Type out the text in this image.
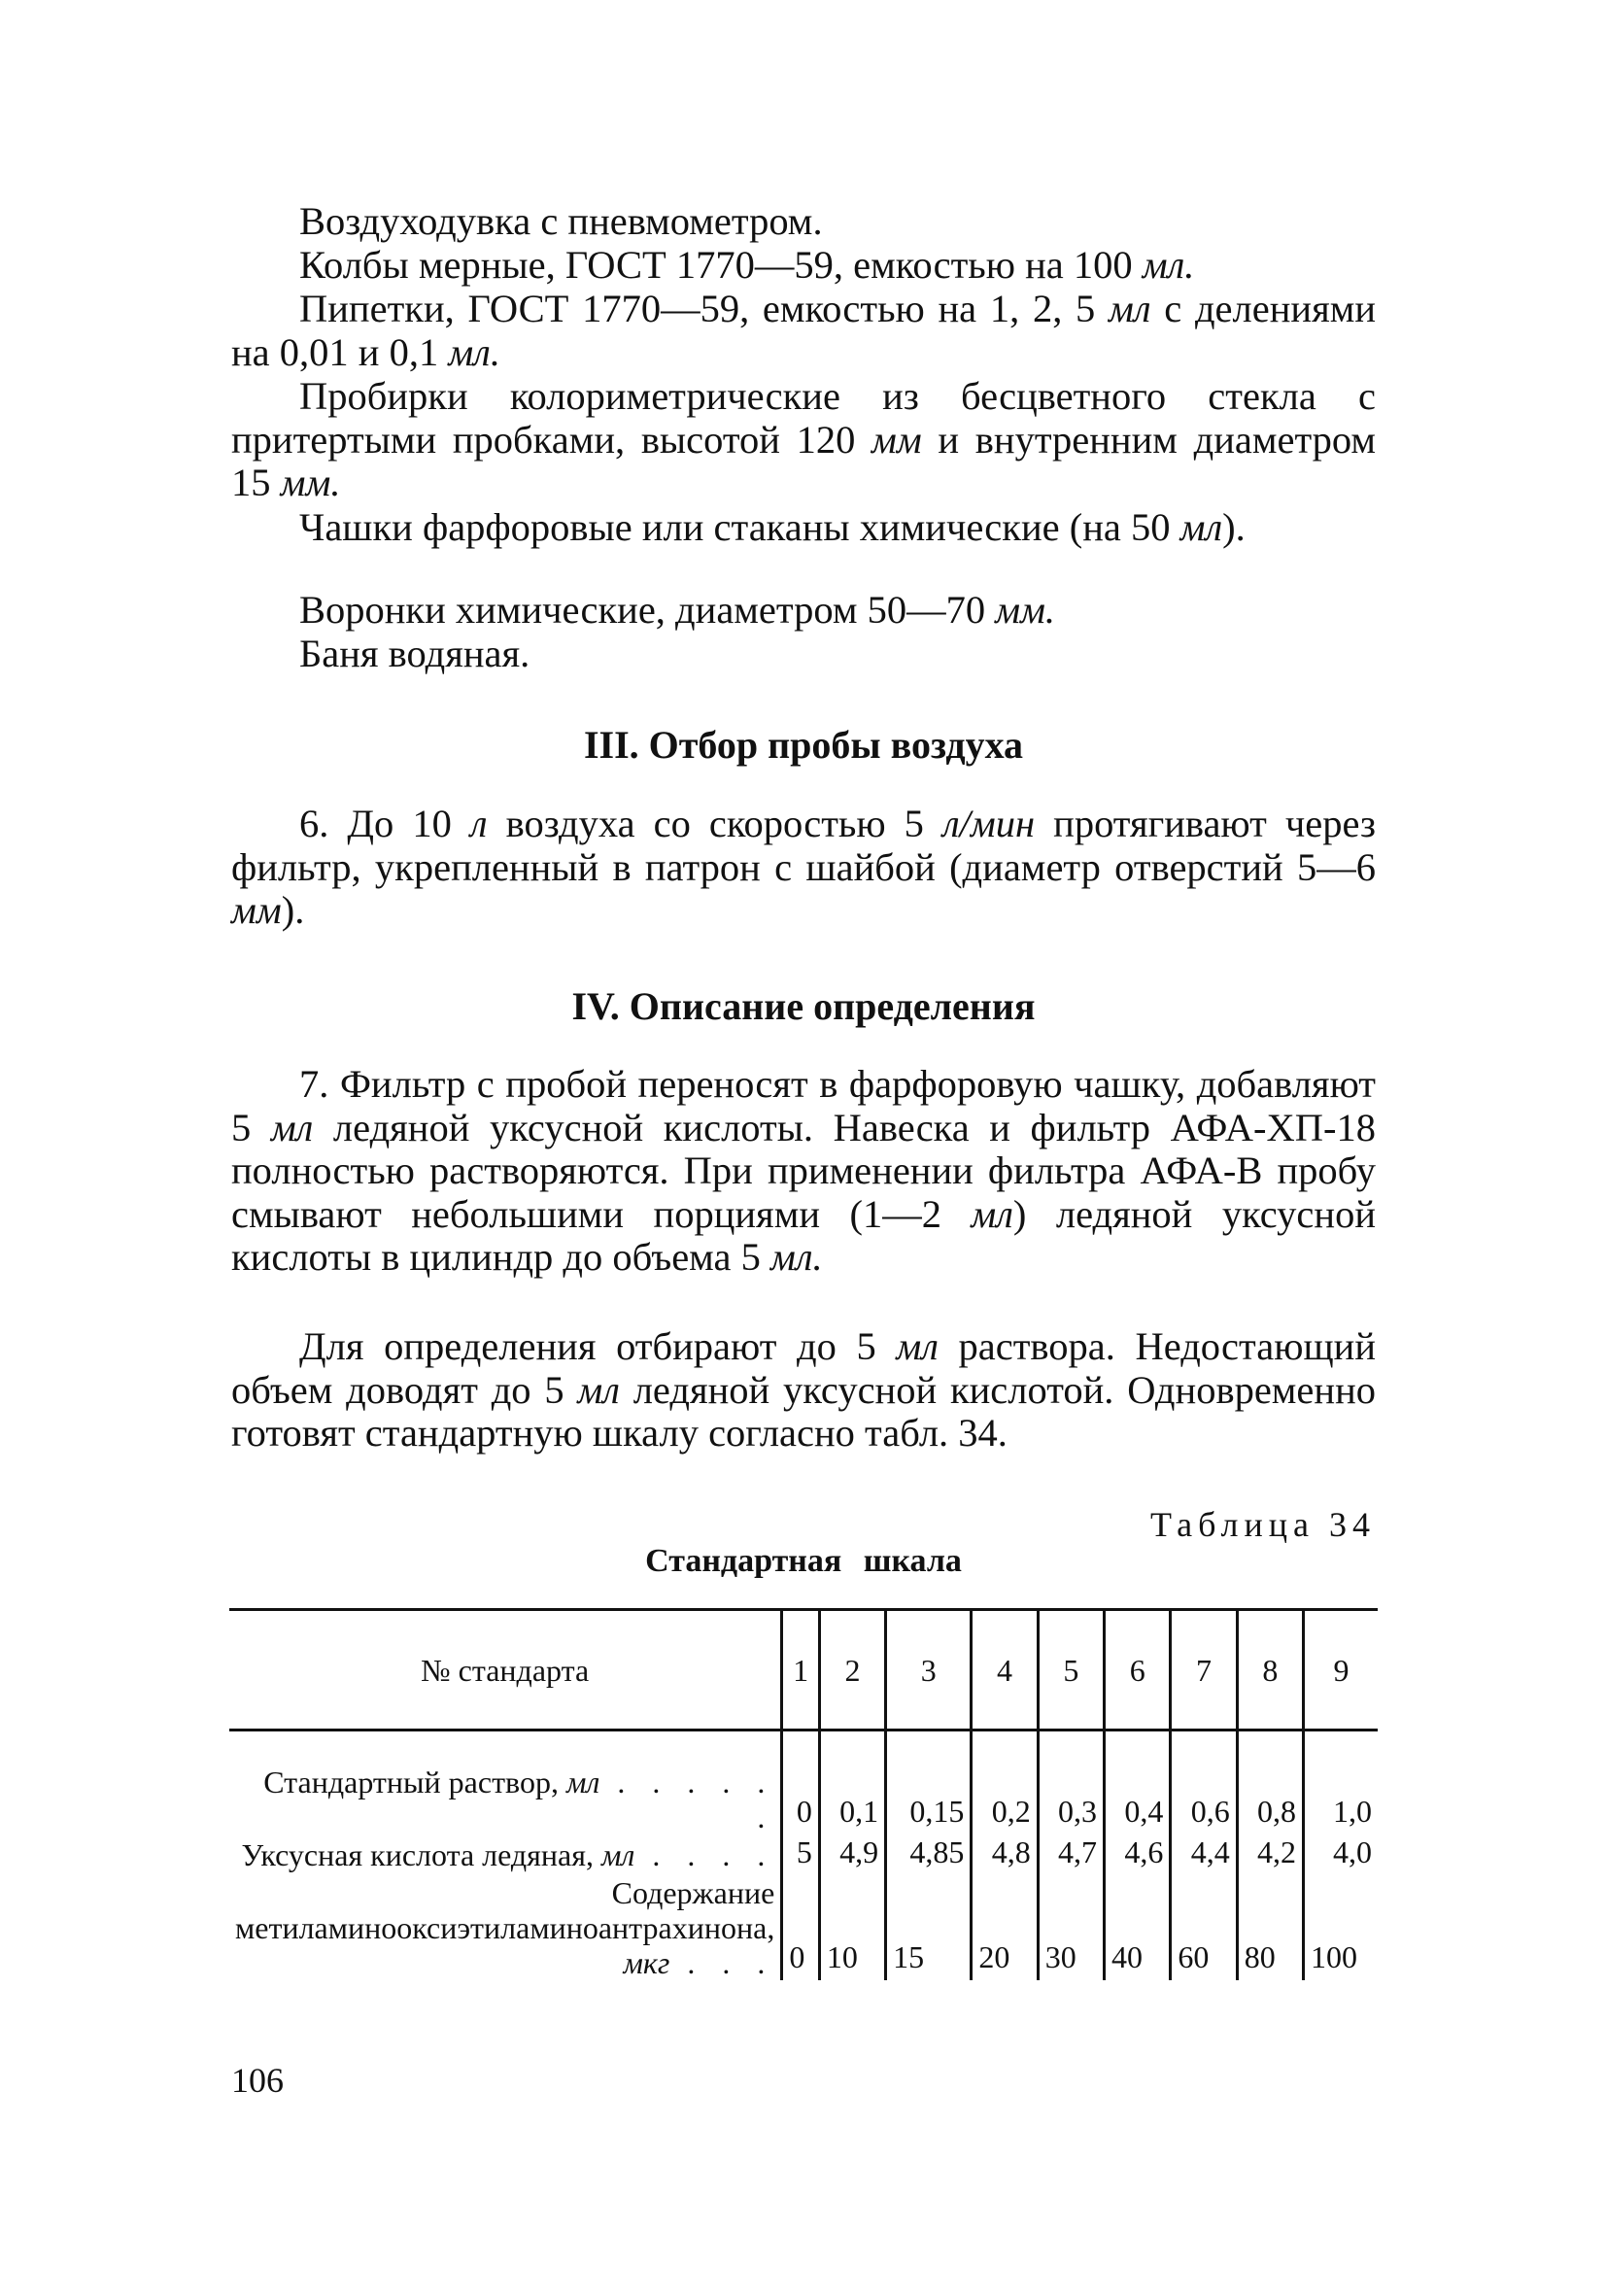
Воздуходувка с пневмометром.

Колбы мерные, ГОСТ 1770—59, емкостью на 100 мл.

Пипетки, ГОСТ 1770—59, емкостью на 1, 2, 5 мл с делениями на 0,01 и 0,1 мл.

Пробирки колориметрические из бесцветного стекла с притертыми пробками, высотой 120 мм и внутренним диаметром 15 мм.

Чашки фарфоровые или стаканы химические (на 50 мл).

Воронки химические, диаметром 50—70 мм.

Баня водяная.

III. Отбор пробы воздуха

6. До 10 л воздуха со скоростью 5 л/мин протягивают через фильтр, укрепленный в патрон с шайбой (диаметр отверстий 5—6 мм).

IV. Описание определения

7. Фильтр с пробой переносят в фарфоровую чашку, добавляют 5 мл ледяной уксусной кислоты. Навеска и фильтр АФА-ХП-18 полностью растворяются. При применении фильтра АФА-В пробу смывают небольшими порциями (1—2 мл) ледяной уксусной кислоты в цилиндр до объема 5 мл.

Для определения отбирают до 5 мл раствора. Недостающий объем доводят до 5 мл ледяной уксусной кислотой. Одновременно готовят стандартную шкалу согласно табл. 34.

Таблица 34
Стандартная шкала
№ стандарта	1	2	3	4	5	6	7	8	9
Стандартный раствор, мл . . . . . .	0	0,1	0,15	0,2	0,3	0,4	0,6	0,8	1,0
Уксусная кислота ледяная, мл . . . .	5	4,9	4,85	4,8	4,7	4,6	4,4	4,2	4,0
Содержание метиламинооксиэтиламиноантрахинона, мкг . . .	0	10	15	20	30	40	60	80	100
106
